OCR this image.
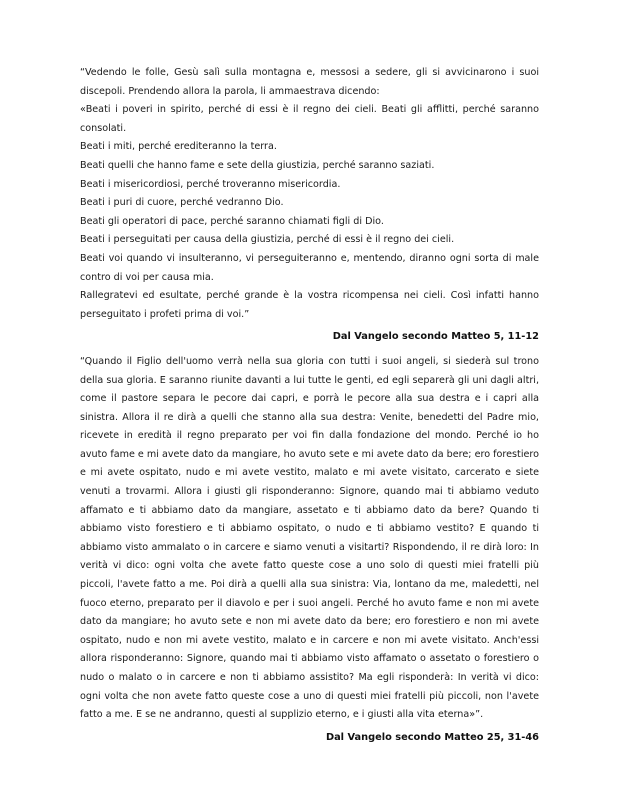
“Vedendo le folle, Gesù salì sulla montagna e, messosi a sedere, gli si avvicinarono i suoi discepoli. Prendendo allora la parola, li ammaestrava dicendo:

«Beati i poveri in spirito, perché di essi è il regno dei cieli. Beati gli afflitti, perché saranno consolati.

Beati i miti, perché erediteranno la terra.

Beati quelli che hanno fame e sete della giustizia, perché saranno saziati.

Beati i misericordiosi, perché troveranno misericordia.

Beati i puri di cuore, perché vedranno Dio.

Beati gli operatori di pace, perché saranno chiamati figli di Dio.

Beati i perseguitati per causa della giustizia, perché di essi è il regno dei cieli.

Beati voi quando vi insulteranno, vi perseguiteranno e, mentendo, diranno ogni sorta di male contro di voi per causa mia.

Rallegratevi ed esultate, perché grande è la vostra ricompensa nei cieli. Così infatti hanno perseguitato i profeti prima di voi.”

Dal Vangelo secondo Matteo 5, 11-12

“Quando il Figlio dell'uomo verrà nella sua gloria con tutti i suoi angeli, si siederà sul trono della sua gloria. E saranno riunite davanti a lui tutte le genti, ed egli separerà gli uni dagli altri, come il pastore separa le pecore dai capri, e porrà le pecore alla sua destra e i capri alla sinistra. Allora il re dirà a quelli che stanno alla sua destra: Venite, benedetti del Padre mio, ricevete in eredità il regno preparato per voi fin dalla fondazione del mondo. Perché io ho avuto fame e mi avete dato da mangiare, ho avuto sete e mi avete dato da bere; ero forestiero e mi avete ospitato, nudo e mi avete vestito, malato e mi avete visitato, carcerato e siete venuti a trovarmi. Allora i giusti gli risponderanno: Signore, quando mai ti abbiamo veduto affamato e ti abbiamo dato da mangiare, assetato e ti abbiamo dato da bere? Quando ti abbiamo visto forestiero e ti abbiamo ospitato, o nudo e ti abbiamo vestito? E quando ti abbiamo visto ammalato o in carcere e siamo venuti a visitarti? Rispondendo, il re dirà loro: In verità vi dico: ogni volta che avete fatto queste cose a uno solo di questi miei fratelli più piccoli, l'avete fatto a me. Poi dirà a quelli alla sua sinistra: Via, lontano da me, maledetti, nel fuoco eterno, preparato per il diavolo e per i suoi angeli. Perché ho avuto fame e non mi avete dato da mangiare; ho avuto sete e non mi avete dato da bere; ero forestiero e non mi avete ospitato, nudo e non mi avete vestito, malato e in carcere e non mi avete visitato. Anch'essi allora risponderanno: Signore, quando mai ti abbiamo visto affamato o assetato o forestiero o nudo o malato o in carcere e non ti abbiamo assistito? Ma egli risponderà: In verità vi dico: ogni volta che non avete fatto queste cose a uno di questi miei fratelli più piccoli, non l'avete fatto a me. E se ne andranno, questi al supplizio eterno, e i giusti alla vita eterna»”.

Dal Vangelo secondo Matteo 25, 31-46
